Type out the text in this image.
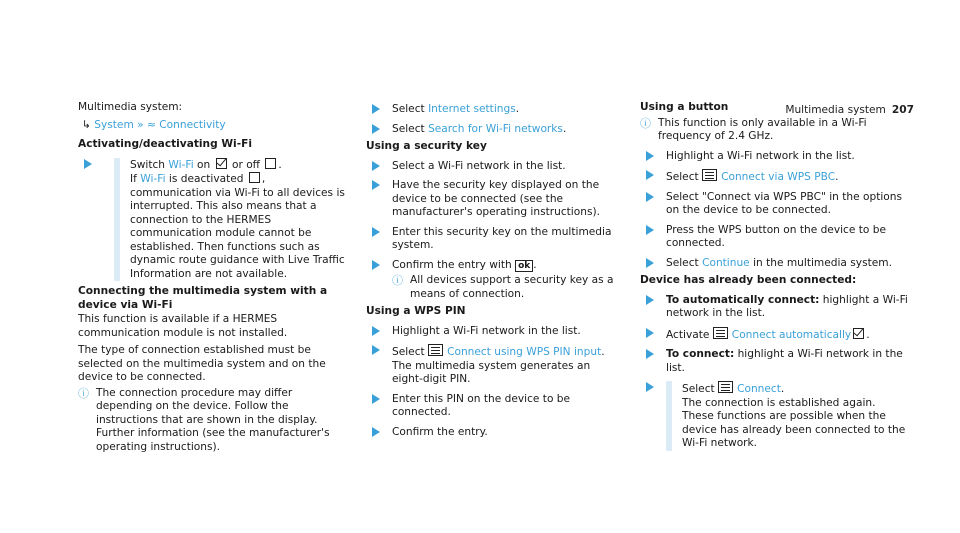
Multimedia system 207

Multimedia system:

↳ System » ≈ Connectivity

Activating/deactivating Wi-Fi

Switch Wi-Fi on  or off .

If Wi-Fi is deactivated , communication via Wi-Fi to all devices is interrupted. This also means that a connection to the HERMES communication module cannot be established. Then functions such as dynamic route guidance with Live Traffic Information are not available.

Connecting the multimedia system with a device via Wi-Fi

This function is available if a HERMES communication module is not installed.

The type of connection established must be selected on the multimedia system and on the device to be connected.

ⓘ The connection procedure may differ depending on the device. Follow the instructions that are shown in the display. Further information (see the manufacturer's operating instructions).
Select Internet settings.
Select Search for Wi-Fi networks.

Using a security key

Select a Wi-Fi network in the list.
Have the security key displayed on the device to be connected (see the manufacturer's operating instructions).
Enter this security key on the multimedia system.
Confirm the entry with ok .
ⓘ All devices support a security key as a means of connection.

Using a WPS PIN

Highlight a Wi-Fi network in the list.
Select Connect using WPS PIN input.
The multimedia system generates an eight-digit PIN.
Enter this PIN on the device to be connected.
Confirm the entry.

Using a button

ⓘ This function is only available in a Wi-Fi frequency of 2.4 GHz.
Highlight a Wi-Fi network in the list.
Select Connect via WPS PBC.
Select "Connect via WPS PBC" in the options on the device to be connected.
Press the WPS button on the device to be connected.
Select Continue in the multimedia system.

Device has already been connected:

To automatically connect: highlight a Wi-Fi network in the list.
Activate Connect automatically .
To connect: highlight a Wi-Fi network in the list.
Select Connect.
The connection is established again. These functions are possible when the device has already been connected to the Wi-Fi network.
